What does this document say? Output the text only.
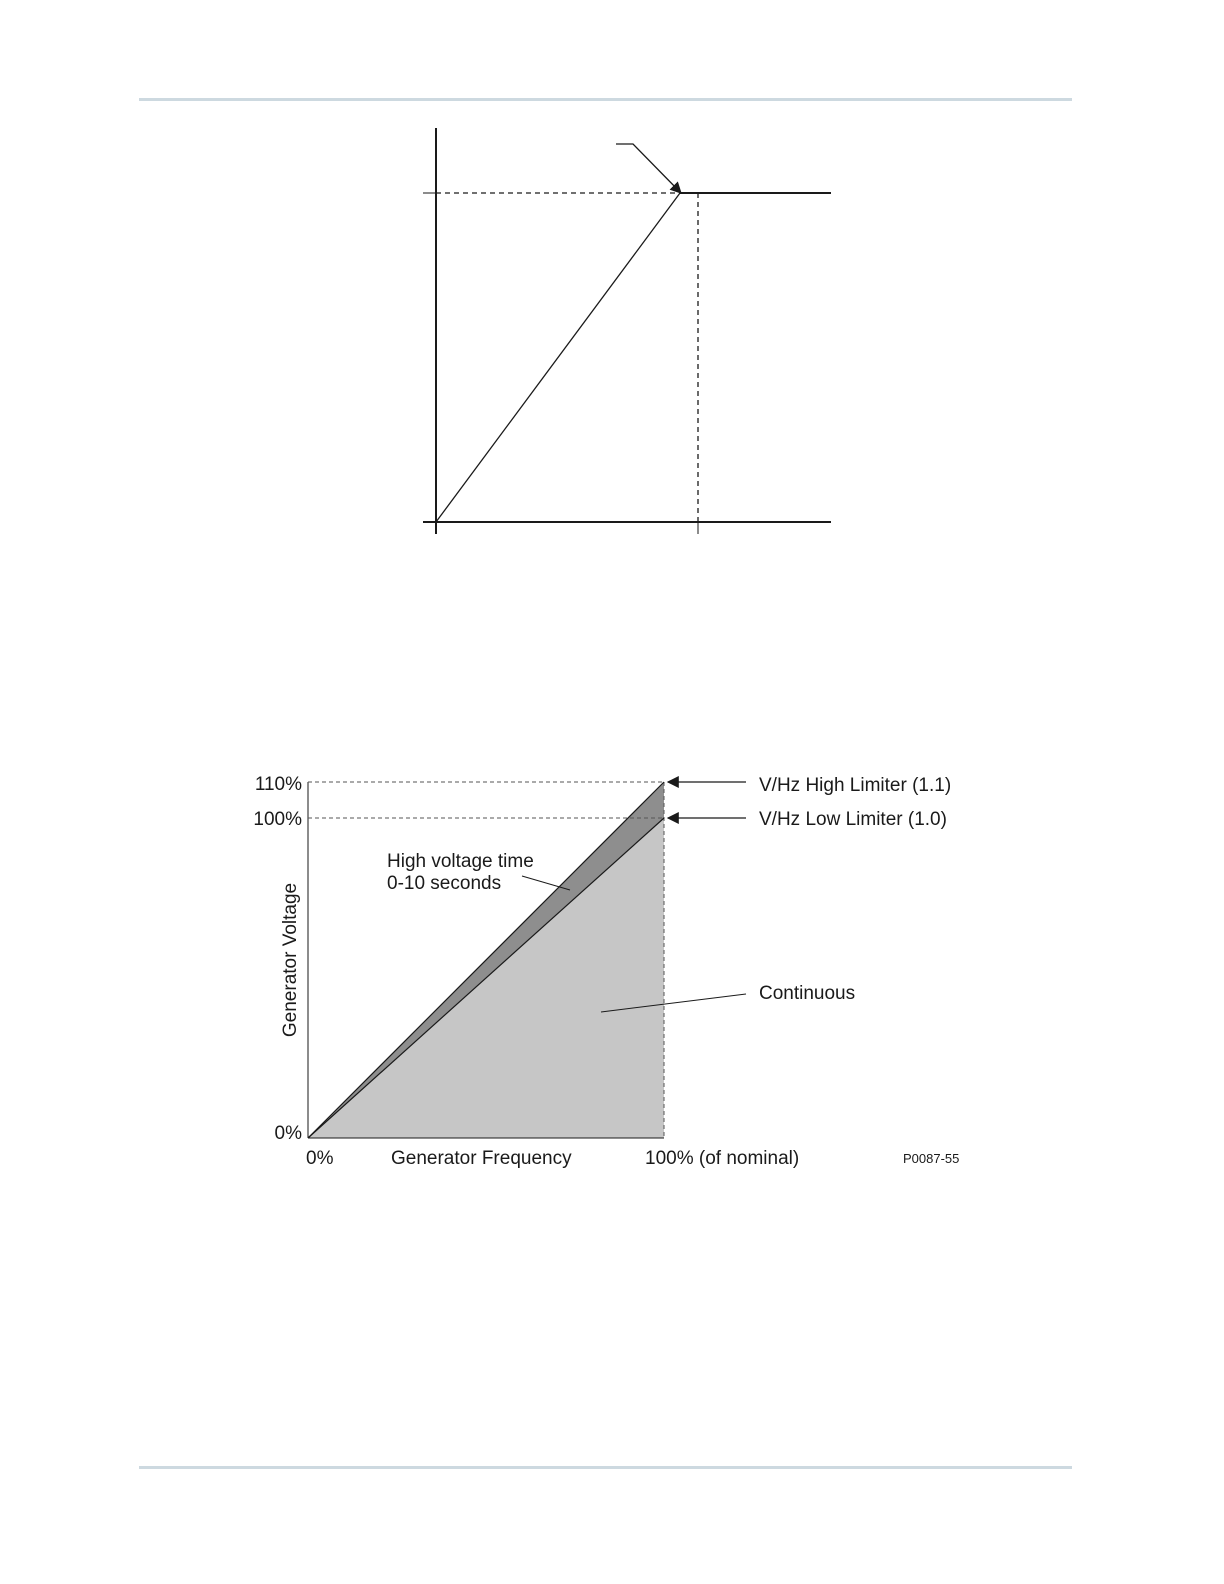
110%
100%
0%
Generator Voltage
0%	Generator Frequency	100% (of nominal)	P0087-55
V/Hz High Limiter (1.1)
V/Hz Low Limiter (1.0)
High voltage time
0-10 seconds
Continuous
